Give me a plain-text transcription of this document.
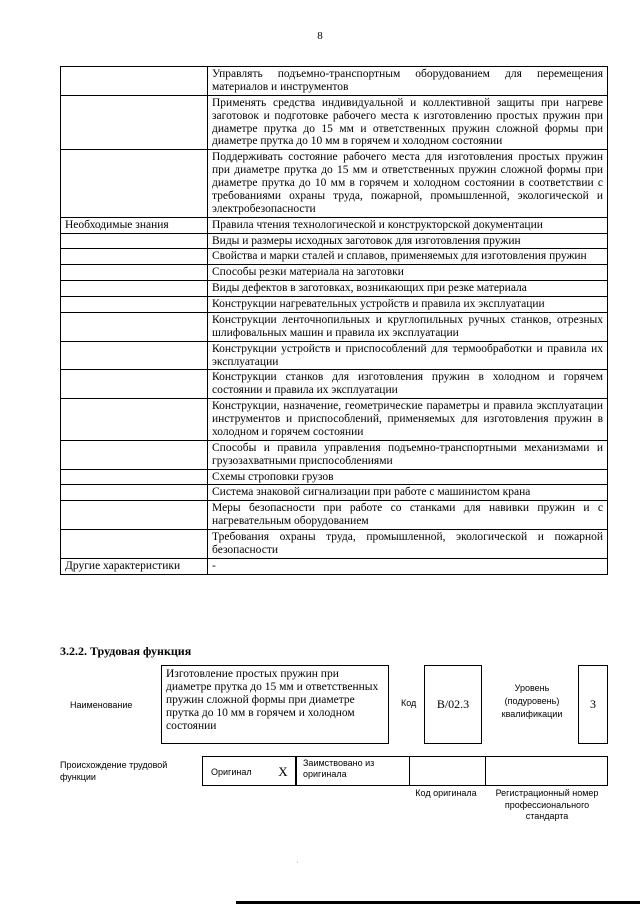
8
	Управлять подъемно-транспортным оборудованием для перемещения материалов и инструментов
	Применять средства индивидуальной и коллективной защиты при нагреве заготовок и подготовке рабочего места к изготовлению простых пружин при диаметре прутка до 15 мм и ответственных пружин сложной формы при диаметре прутка до 10 мм в горячем и холодном состоянии
	Поддерживать состояние рабочего места для изготовления простых пружин при диаметре прутка до 15 мм и ответственных пружин сложной формы при диаметре прутка до 10 мм в горячем и холодном состоянии в соответствии с требованиями охраны труда, пожарной, промышленной, экологической и электробезопасности
Необходимые знания	Правила чтения технологической и конструкторской документации
	Виды и размеры исходных заготовок для изготовления пружин
	Свойства и марки сталей и сплавов, применяемых для изготовления пружин
	Способы резки материала на заготовки
	Виды дефектов в заготовках, возникающих при резке материала
	Конструкции нагревательных устройств и правила их эксплуатации
	Конструкции ленточнопильных и круглопильных ручных станков, отрезных шлифовальных машин и правила их эксплуатации
	Конструкции устройств и приспособлений для термообработки и правила их эксплуатации
	Конструкции станков для изготовления пружин в холодном и горячем состоянии и правила их эксплуатации
	Конструкции, назначение, геометрические параметры и правила эксплуатации инструментов и приспособлений, применяемых для изготовления пружин в холодном и горячем состоянии
	Способы и правила управления подъемно-транспортными механизмами и грузозахватными приспособлениями
	Схемы строповки грузов
	Система знаковой сигнализации при работе с машинистом крана
	Меры безопасности при работе со станками для навивки пружин и с нагревательным оборудованием
	Требования охраны труда, промышленной, экологической и пожарной безопасности
Другие характеристики	-
3.2.2. Трудовая функция
Наименование
Изготовление простых пружин при диаметре прутка до 15 мм и ответственных пружин сложной формы при диаметре прутка до 10 мм в горячем и холодном состоянии
Код	B/02.3
Уровень (подуровень) квалификации
3
Происхождение трудовой функции	Оригинал	X
Заимствовано из оригинала
Код оригинала	Регистрационный номер профессионального стандарта
·
